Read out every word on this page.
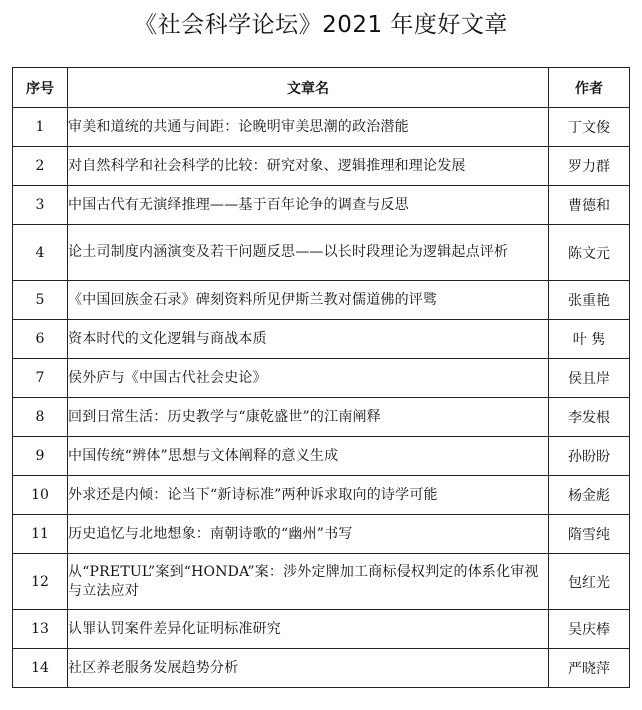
《社会科学论坛》2021 年度好文章
序号	文章名	作者
1	审美和道统的共通与间距：论晚明审美思潮的政治潜能	丁文俊
2	对自然科学和社会科学的比较：研究对象、逻辑推理和理论发展	罗力群
3	中国古代有无演绎推理——基于百年论争的调查与反思	曹德和
4	论土司制度内涵演变及若干问题反思——以长时段理论为逻辑起点评析	陈文元
5	《中国回族金石录》碑刻资料所见伊斯兰教对儒道佛的评骘	张重艳
6	资本时代的文化逻辑与商战本质	叶 隽
7	侯外庐与《中国古代社会史论》	侯且岸
8	回到日常生活：历史教学与“康乾盛世”的江南阐释	李发根
9	中国传统“辨体”思想与文体阐释的意义生成	孙盼盼
10	外求还是内倾：论当下“新诗标准”两种诉求取向的诗学可能	杨金彪
11	历史追忆与北地想象：南朝诗歌的“幽州”书写	隋雪纯
12	从“PRETUL”案到“HONDA”案：涉外定牌加工商标侵权判定的体系化审视与立法应对	包红光
13	认罪认罚案件差异化证明标准研究	吴庆棒
14	社区养老服务发展趋势分析	严晓萍
